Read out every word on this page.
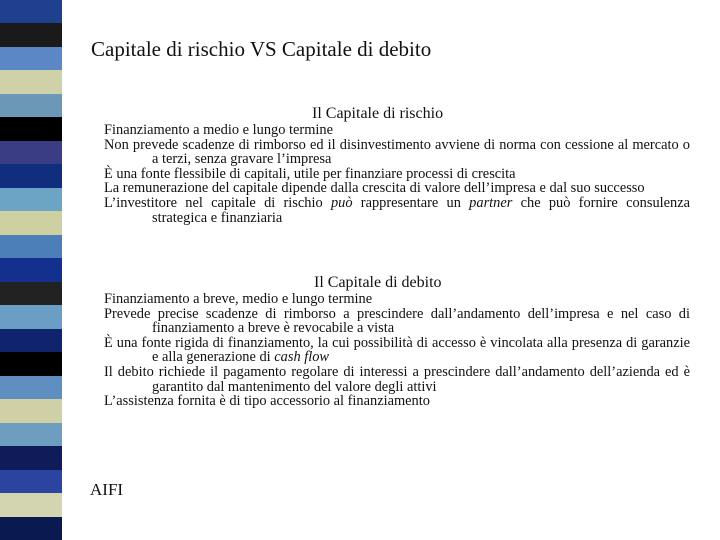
Capitale di rischio VS Capitale di debito
Il Capitale di rischio

Finanziamento a medio e lungo termine

Non prevede scadenze di rimborso ed il disinvestimento avviene di norma con cessione al mercato o a terzi, senza gravare l’impresa

È una fonte flessibile di capitali, utile per finanziare processi di crescita

La remunerazione del capitale dipende dalla crescita di valore dell’impresa e dal suo successo

L’investitore nel capitale di rischio può rappresentare un partner che può fornire consulenza strategica e finanziaria

Il Capitale di debito

Finanziamento a breve, medio e lungo termine

Prevede precise scadenze di rimborso a prescindere dall’andamento dell’impresa e nel caso di finanziamento a breve è revocabile a vista

È una fonte rigida di finanziamento, la cui possibilità di accesso è vincolata alla presenza di garanzie e alla generazione di cash flow

Il debito richiede il pagamento regolare di interessi a prescindere dall’andamento dell’azienda ed è garantito dal mantenimento del valore degli attivi

L’assistenza fornita è di tipo accessorio al finanziamento

AIFI
